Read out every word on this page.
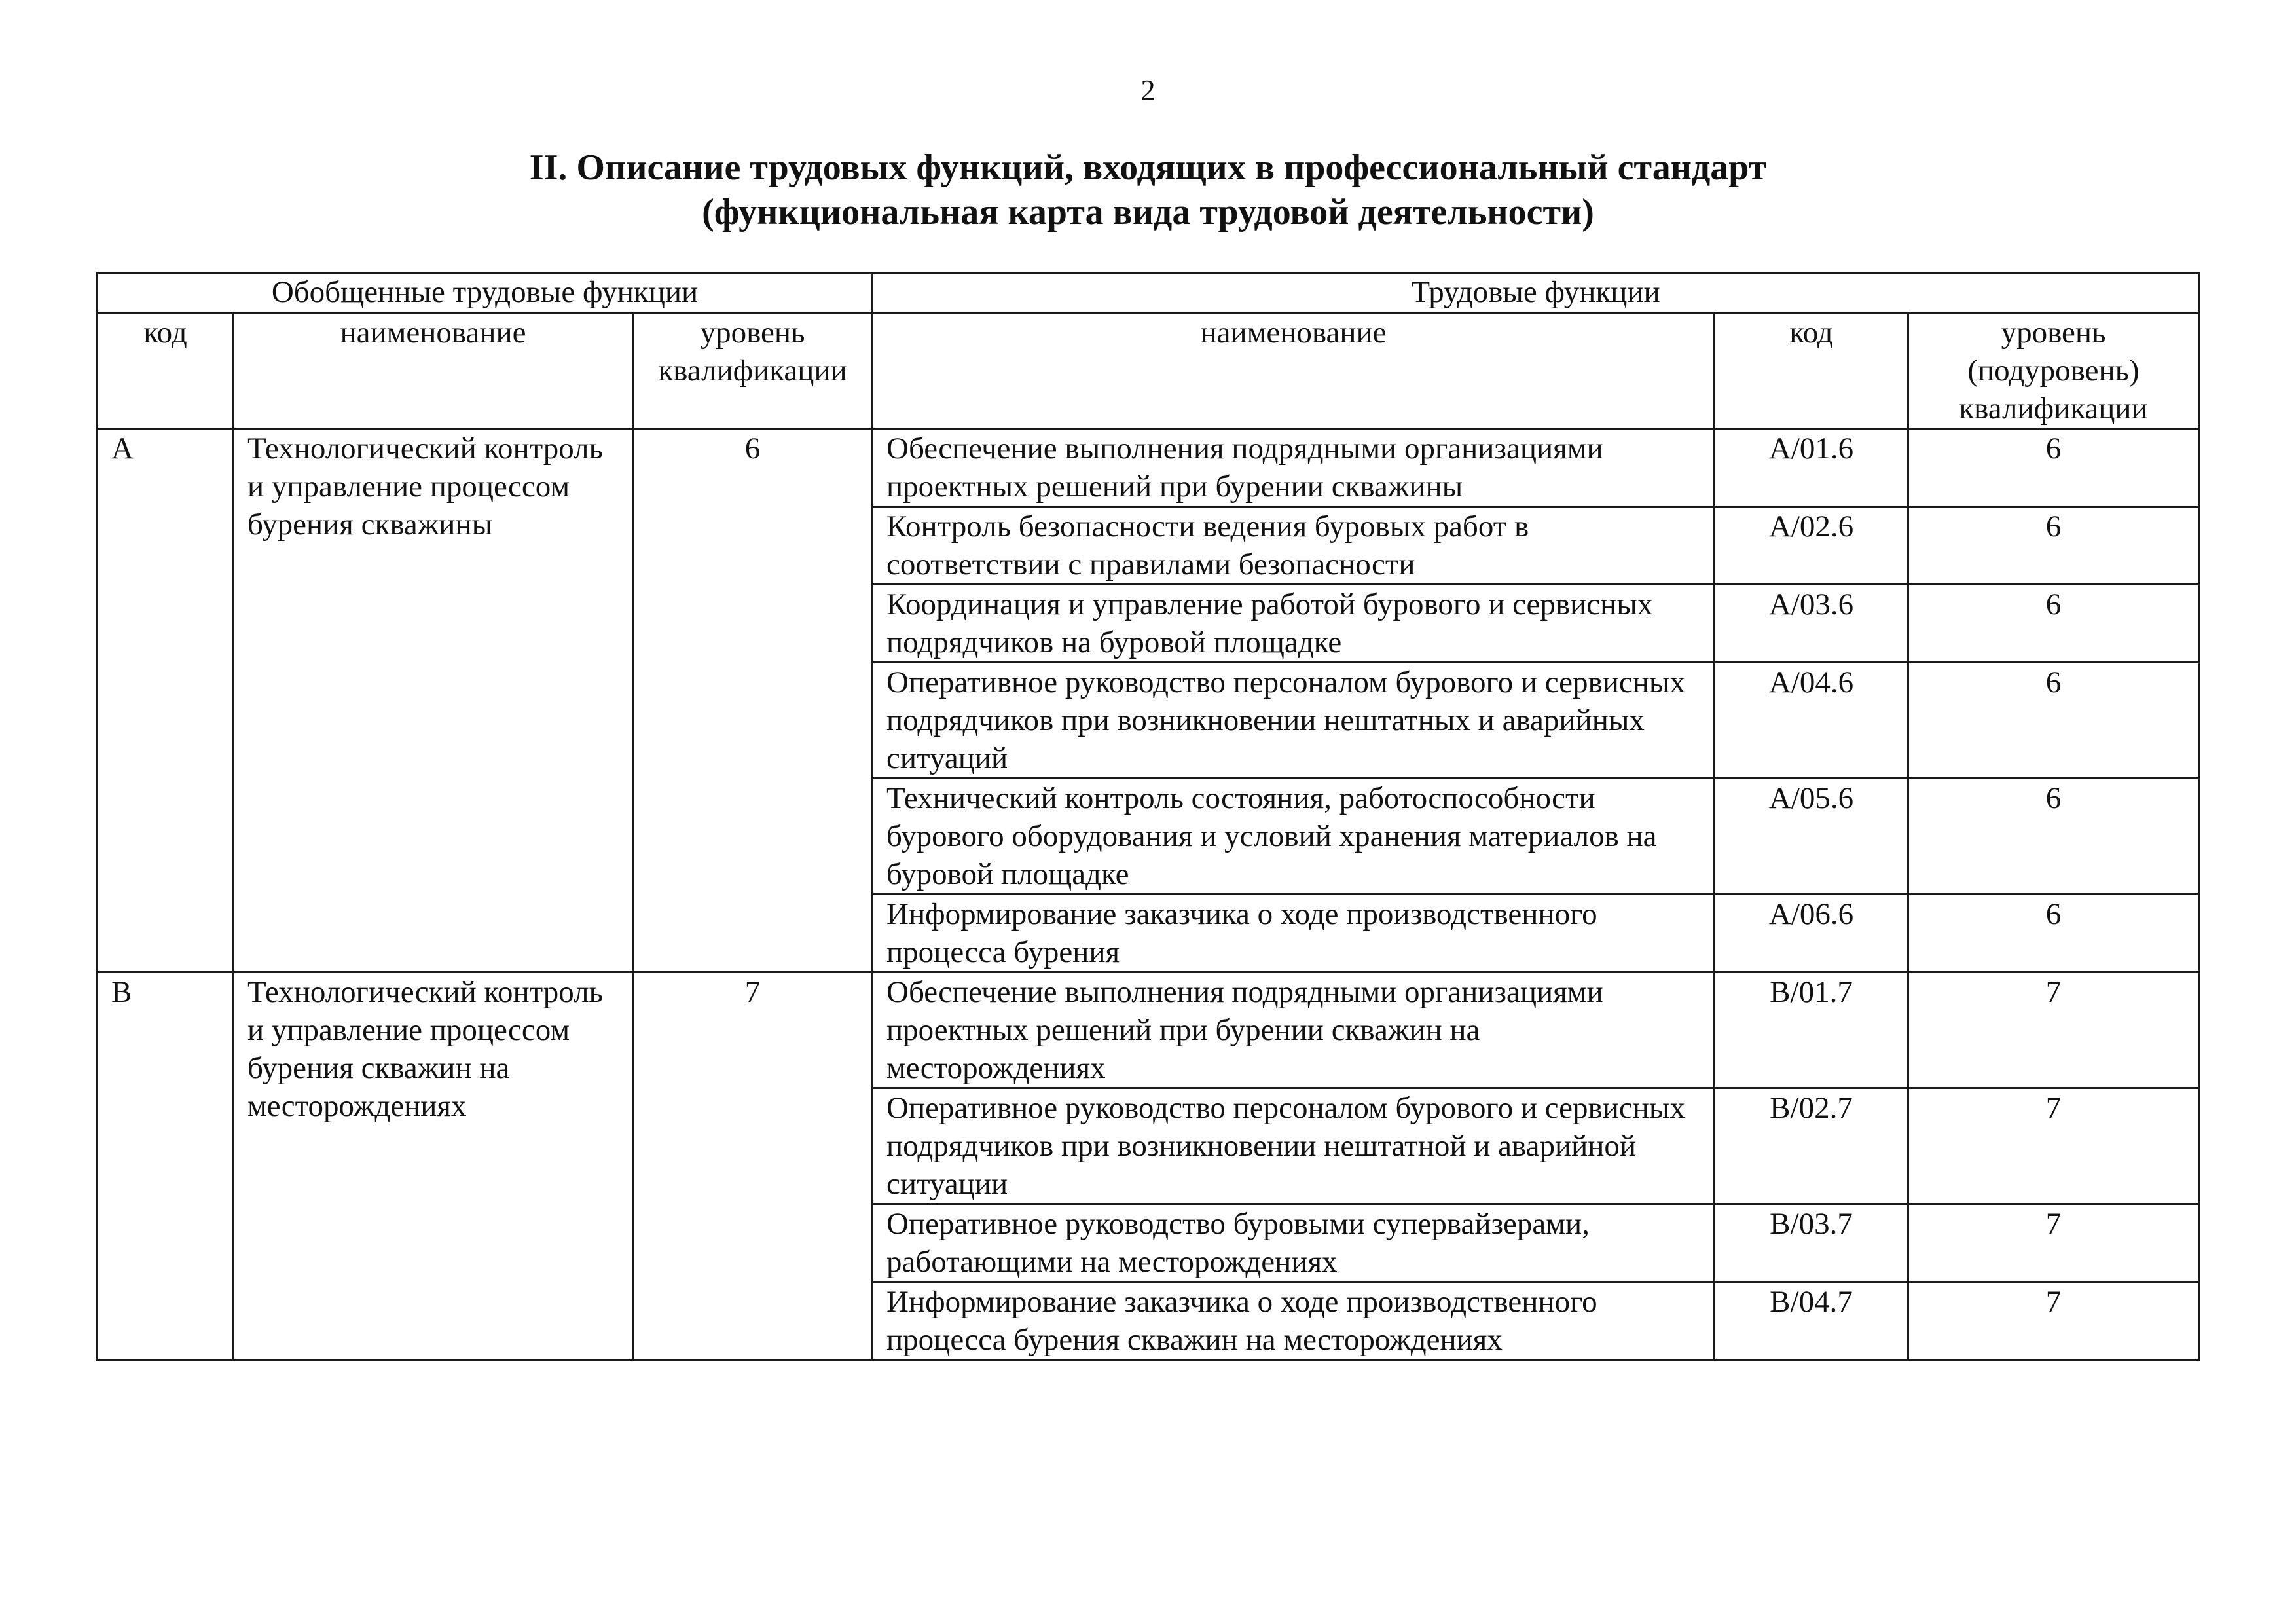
2
II. Описание трудовых функций, входящих в профессиональный стандарт
(функциональная карта вида трудовой деятельности)
Обобщенные трудовые функции			Трудовые функции		
код	наименование	уровень квалификации	наименование	код	уровень (подуровень) квалификации
A	Технологический контроль и управление процессом бурения скважины	6	Обеспечение выполнения подрядными организациями проектных решений при бурении скважины	A/01.6	6
			Контроль безопасности ведения буровых работ в соответствии с правилами безопасности	A/02.6	6
			Координация и управление работой бурового и сервисных подрядчиков на буровой площадке	A/03.6	6
			Оперативное руководство персоналом бурового и сервисных подрядчиков при возникновении нештатных и аварийных ситуаций	A/04.6	6
			Технический контроль состояния, работоспособности бурового оборудования и условий хранения материалов на буровой площадке	A/05.6	6
			Информирование заказчика о ходе производственного процесса бурения	A/06.6	6
B	Технологический контроль и управление процессом бурения скважин на месторождениях	7	Обеспечение выполнения подрядными организациями проектных решений при бурении скважин на месторождениях	B/01.7	7
			Оперативное руководство персоналом бурового и сервисных подрядчиков при возникновении нештатной и аварийной ситуации	B/02.7	7
			Оперативное руководство буровыми супервайзерами, работающими на месторождениях	B/03.7	7
			Информирование заказчика о ходе производственного процесса бурения скважин на месторождениях	B/04.7	7
